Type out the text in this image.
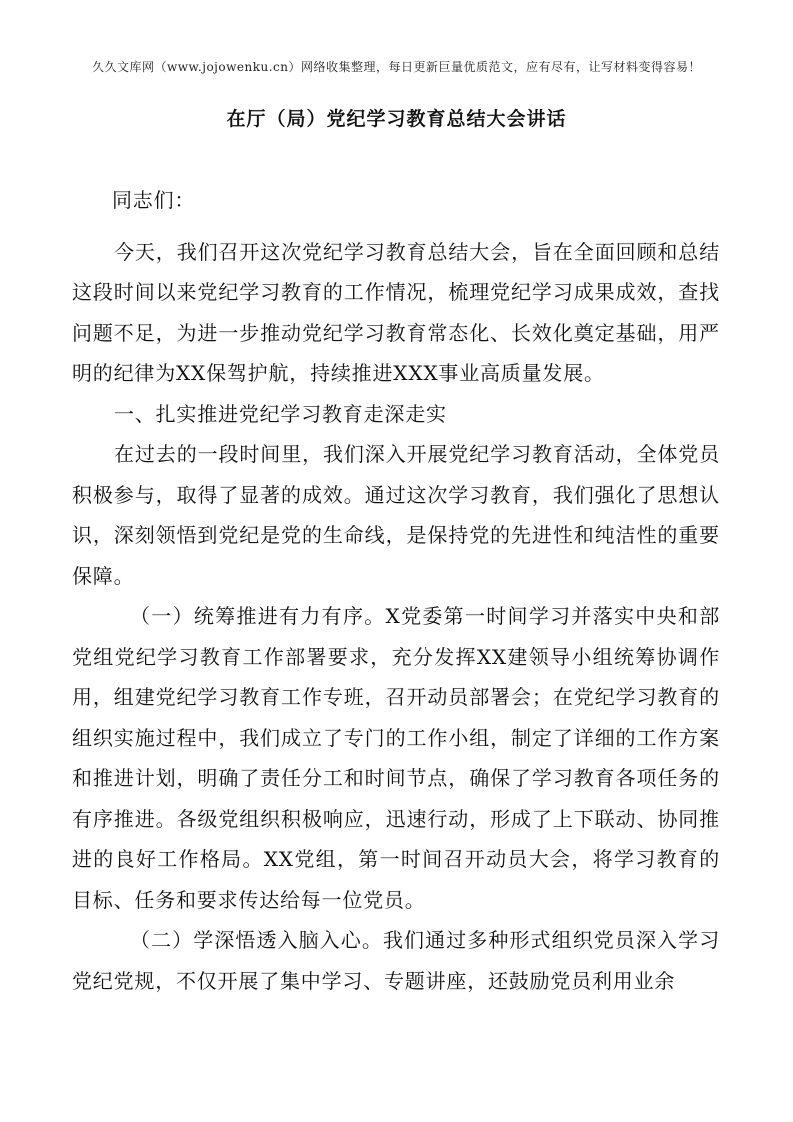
久久文库网（www.jojowenku.cn）网络收集整理，每日更新巨量优质范文，应有尽有，让写材料变得容易！
在厅（局）党纪学习教育总结大会讲话

同志们：

今天，我们召开这次党纪学习教育总结大会，旨在全面回顾和总结这段时间以来党纪学习教育的工作情况，梳理党纪学习成果成效，查找问题不足，为进一步推动党纪学习教育常态化、长效化奠定基础，用严明的纪律为XX保驾护航，持续推进XXX事业高质量发展。

一、扎实推进党纪学习教育走深走实

在过去的一段时间里，我们深入开展党纪学习教育活动，全体党员积极参与，取得了显著的成效。通过这次学习教育，我们强化了思想认识，深刻领悟到党纪是党的生命线，是保持党的先进性和纯洁性的重要保障。

（一）统筹推进有力有序。X党委第一时间学习并落实中央和部党组党纪学习教育工作部署要求，充分发挥XX建领导小组统筹协调作用，组建党纪学习教育工作专班，召开动员部署会；在党纪学习教育的组织实施过程中，我们成立了专门的工作小组，制定了详细的工作方案和推进计划，明确了责任分工和时间节点，确保了学习教育各项任务的有序推进。各级党组织积极响应，迅速行动，形成了上下联动、协同推进的良好工作格局。XX党组，第一时间召开动员大会，将学习教育的目标、任务和要求传达给每一位党员。

（二）学深悟透入脑入心。我们通过多种形式组织党员深入学习党纪党规，不仅开展了集中学习、专题讲座，还鼓励党员利用业余
